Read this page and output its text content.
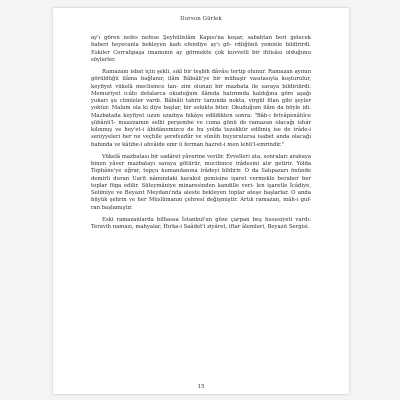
Dursun Gürlek
ay'ı gören nefes nefese Şeyhülislâm Kapısı'na koşar, sabahtan beri gelecek haberi heyecanla bekleyen kadı efendiye ay'ı gö- rdüğünü yeminle bildirirdi. Eskiler Cerrahpaşa imamının ay görmekte çok kuvvetli bir ihtisâsı olduğunu söylerler.
Ramazanı isbat için şekli, sıkî bir teşbih dâvâsı tertip olunur. Ramazan ayının görüldüğü ilâma bağlanır, ilâm Bâbıâli'ye bir mübaşir vasıtasıyla koşturulur, keyfiyet vükelâ meclisince tan- zim olunan bir mazbata ile saraya bildirilirdi. Memuriyet icâbı defalarca okuduğum ilâmda hatırımda kaldığına göre aşağı yukarı şu cümleler vardı. Bâbıâli tahrir tarzında nokta, virgül filan gibi şeyler yoktur. Malum ola ki diye başlar, bir solukta biter. Okuduğum ilâm da böyle idi. Mazbatada keyfiyet uzun uzadıya hikâye edildikten sonra: "Bâb-ı fetvâpenâhîce şübânü'l- muazzamın selhi perşembe ve cuma günü de ramazan olacağı ishâr kılınmış ve hey'et-i âbidânemizce de bu yolda tezekkür edilmiş ise de irâde-i seniyyeleri her ne veçhile şerefsudûr ve sünûh buyurulursa isabet anda olacağı babında ve kâtıbe-i ahvâlde emr ü ferman hazret-i men lehü'l-emrindir."
Vükelâ mazbatası bir sadâret yâverine verilir. Evvelleri ata, sonraları arabaya binen yâver mazbatayı saraya götürür, mucibince irâdesini alır getirir. Yolda Tophâne'ye uğrar, topçu kumandanına irâdeyi bildirir. O da Salıpazarı önünde demirli duran Uarit nâmındaki karakol gemisine işaret vermekle beraber ber toplar föga edilir. Süleymâniye minaresinden kandille veri- len işaretle İcâdiye, Selimiye ve Beyazıt Meydanı'nda aleste bekleyen toplar ateşe başlarlar. O anda büyük şehrin ve her Müslümanın çehresi değişmiştir. Artık ramazan, mâh-ı guf- ran başlamıştır.
Eski ramazanlarda bilhassa İstanbul'un göze çarpan beş hususiyeti vardı: Teravih namazı, mahyalar, Hırka-i Saâdet'i ziyâret, iftar âlemleri, Beyazıt Sergisi.
15
